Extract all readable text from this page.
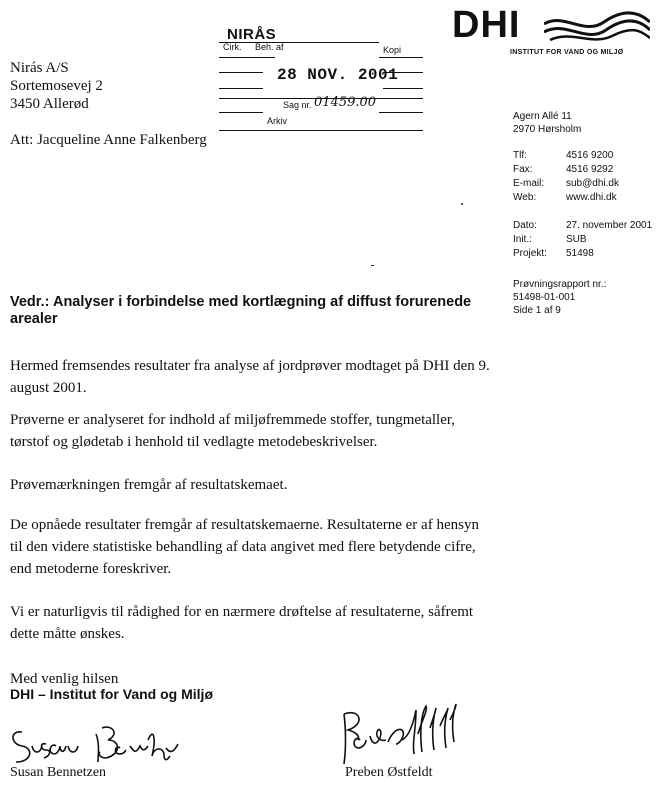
DHI
INSTITUT FOR VAND OG MILJØ
NIRÅS
Cirk. Beh. af	Kopi
28 NOV. 2001
Sag nr. 01459.00
Arkiv
Nirás A/S
Sortemosevej 2
3450 Allerød
Att: Jacqueline Anne Falkenberg
Agern Allé 11
2970 Hørsholm
Tlf:	4516 9200
Fax:	4516 9292
E-mail: sub@dhi.dk
Web:	www.dhi.dk
Dato:	27. november 2001
Init.:	SUB
Projekt: 51498
Prøvningsrapport nr.:
51498-01-001
Side 1 af 9
Vedr.: Analyser i forbindelse med kortlægning af diffust forurenede
arealer
Hermed fremsendes resultater fra analyse af jordprøver modtaget på DHI den 9.
august 2001.
Prøverne er analyseret for indhold af miljøfremmede stoffer, tungmetaller,
tørstof og glødetab i henhold til vedlagte metodebeskrivelser.
Prøvemærkningen fremgår af resultatskemaet.
De opnåede resultater fremgår af resultatskemaerne. Resultaterne er af hensyn
til den videre statistiske behandling af data angivet med flere betydende cifre,
end metoderne foreskriver.
Vi er naturligvis til rådighed for en nærmere drøftelse af resultaterne, såfremt
dette måtte ønskes.
Med venlig hilsen
DHI – Institut for Vand og Miljø
Susan Bennetzen	Preben Østfeldt
